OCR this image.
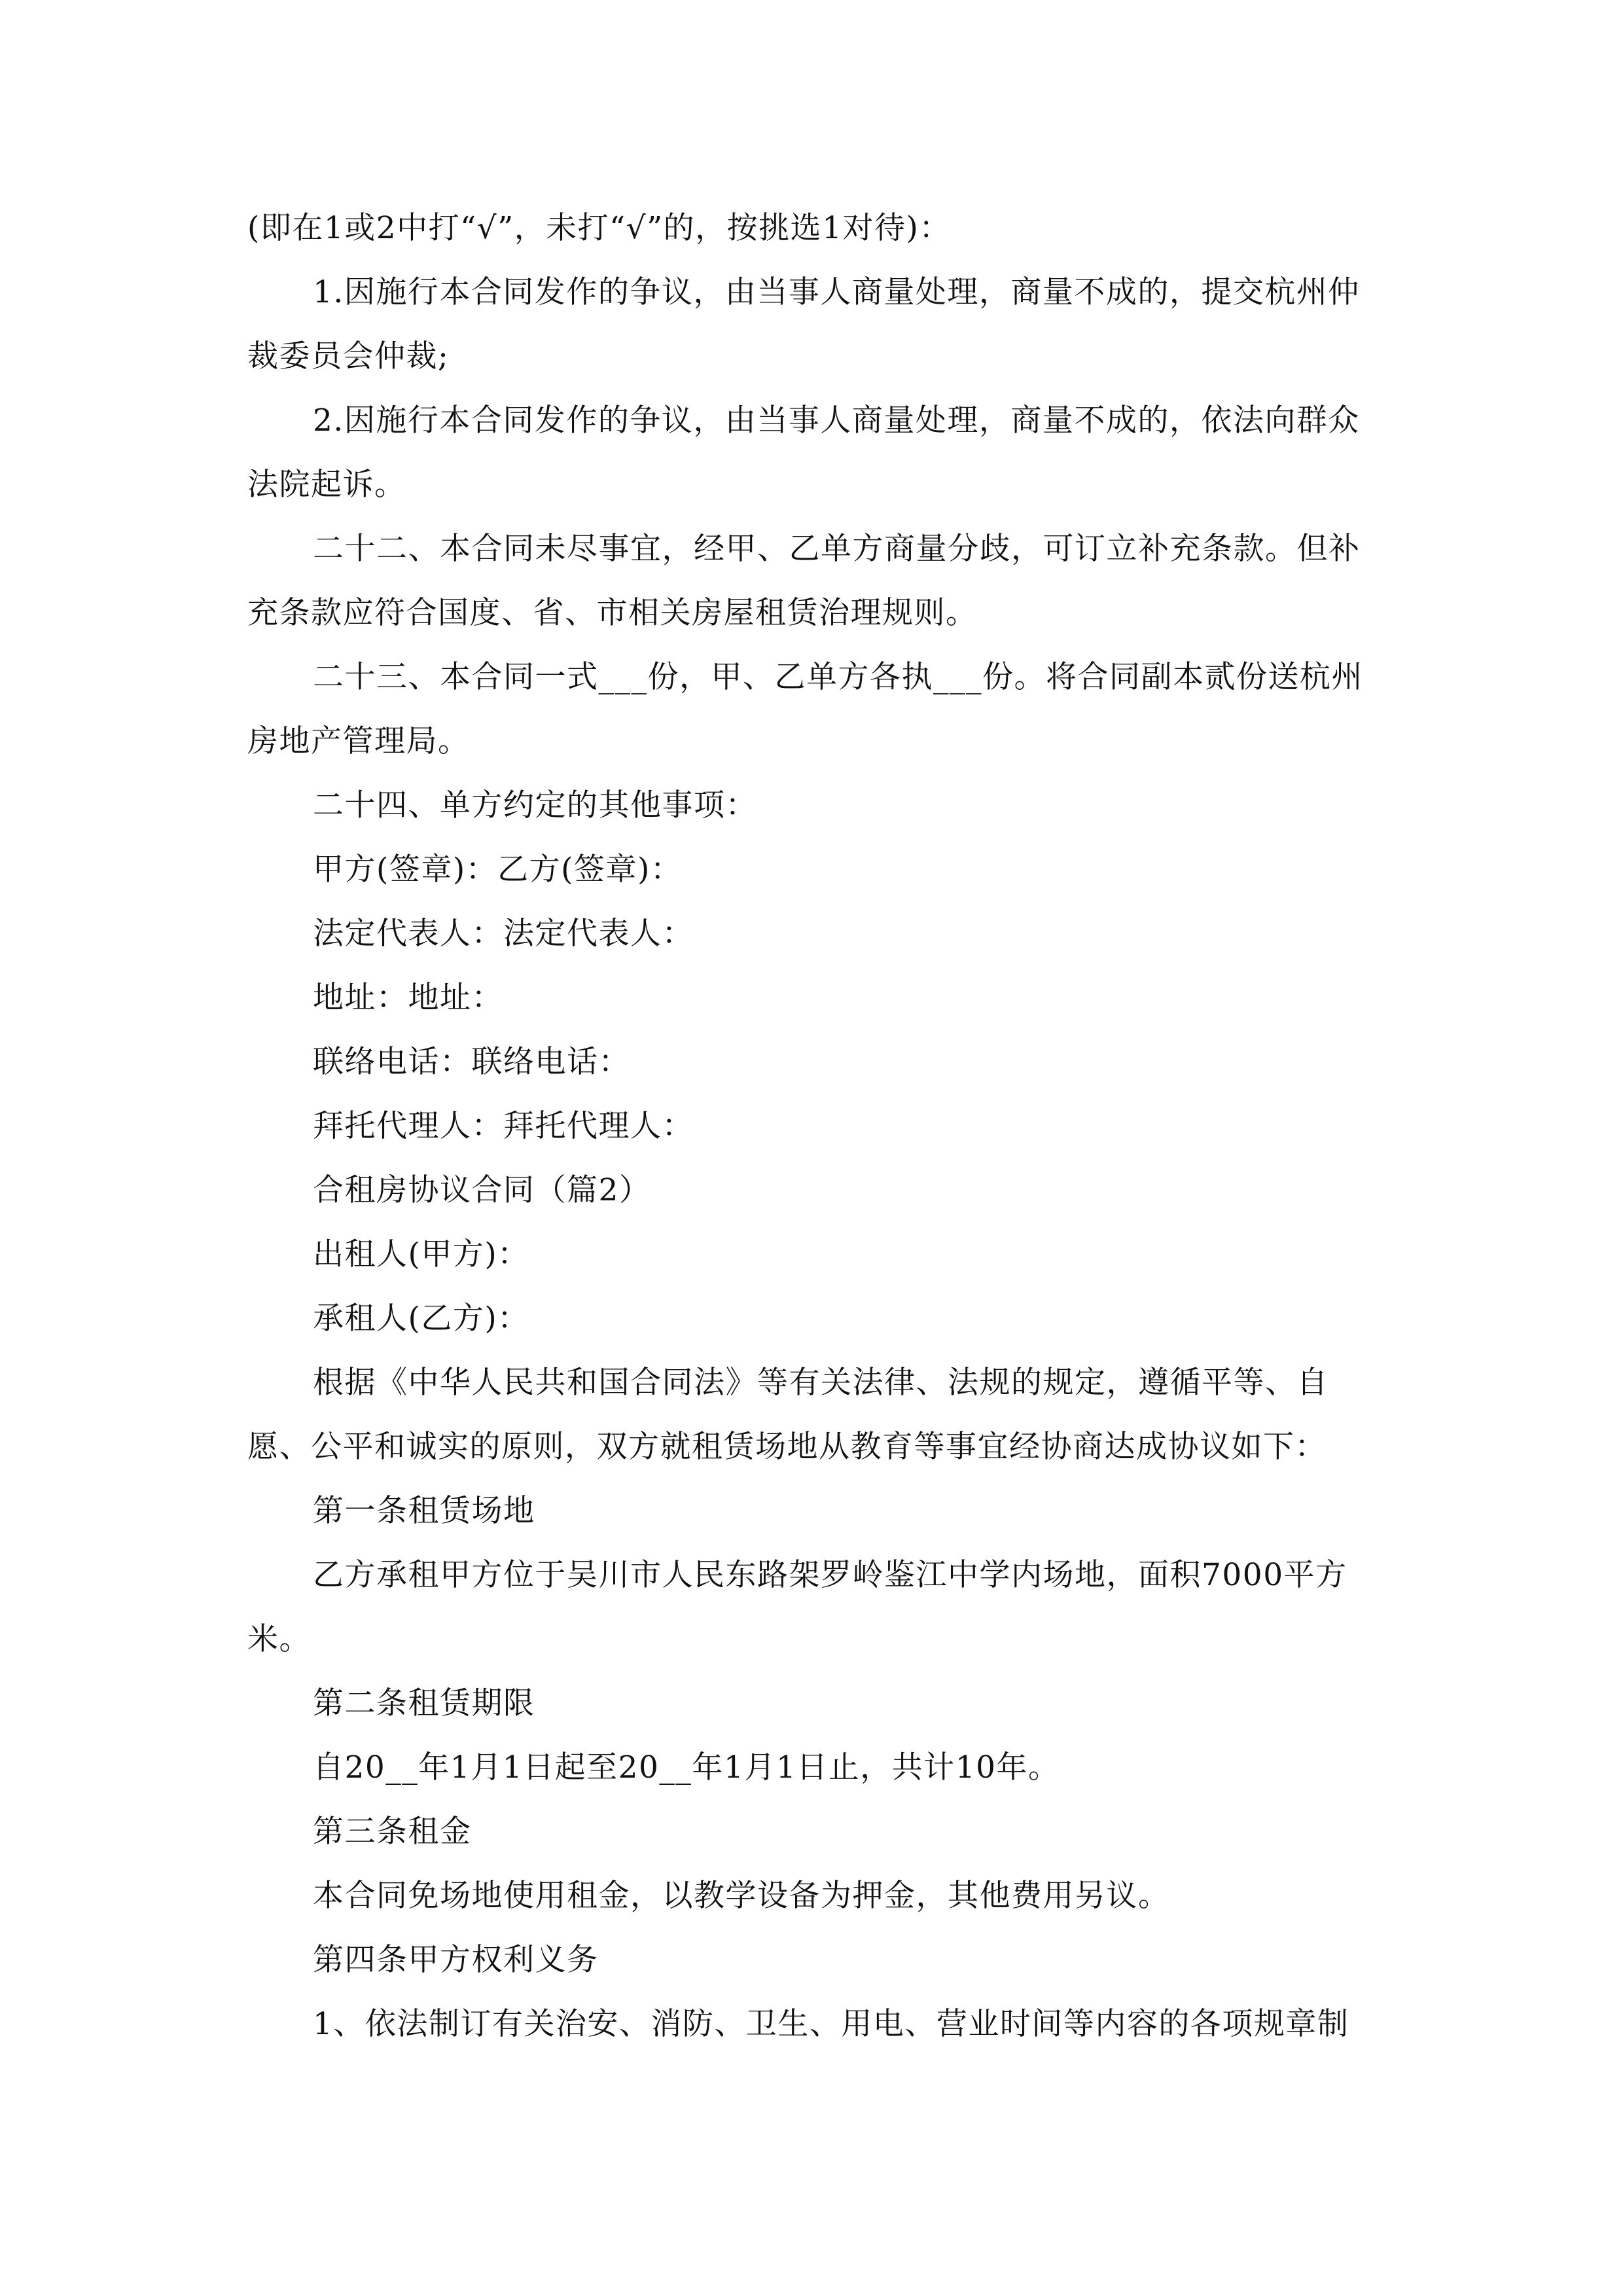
(即在1或2中打“√”，未打“√”的，按挑选1对待)：

1.因施行本合同发作的争议，由当事人商量处理，商量不成的，提交杭州仲裁委员会仲裁;

2.因施行本合同发作的争议，由当事人商量处理，商量不成的，依法向群众法院起诉。

二十二、本合同未尽事宜，经甲、乙单方商量分歧，可订立补充条款。但补充条款应符合国度、省、市相关房屋租赁治理规则。

二十三、本合同一式___份，甲、乙单方各执___份。将合同副本贰份送杭州房地产管理局。

二十四、单方约定的其他事项：

甲方(签章)：乙方(签章)：

法定代表人：法定代表人：

地址：地址：

联络电话：联络电话：

拜托代理人：拜托代理人：

合租房协议合同（篇2）

出租人(甲方)：

承租人(乙方)：

根据《中华人民共和国合同法》等有关法律、法规的规定，遵循平等、自愿、公平和诚实的原则，双方就租赁场地从教育等事宜经协商达成协议如下：

第一条租赁场地

乙方承租甲方位于吴川市人民东路架罗岭鉴江中学内场地，面积7000平方米。

第二条租赁期限

自20__年1月1日起至20__年1月1日止，共计10年。

第三条租金

本合同免场地使用租金，以教学设备为押金，其他费用另议。

第四条甲方权利义务

1、依法制订有关治安、消防、卫生、用电、营业时间等内容的各项规章制
